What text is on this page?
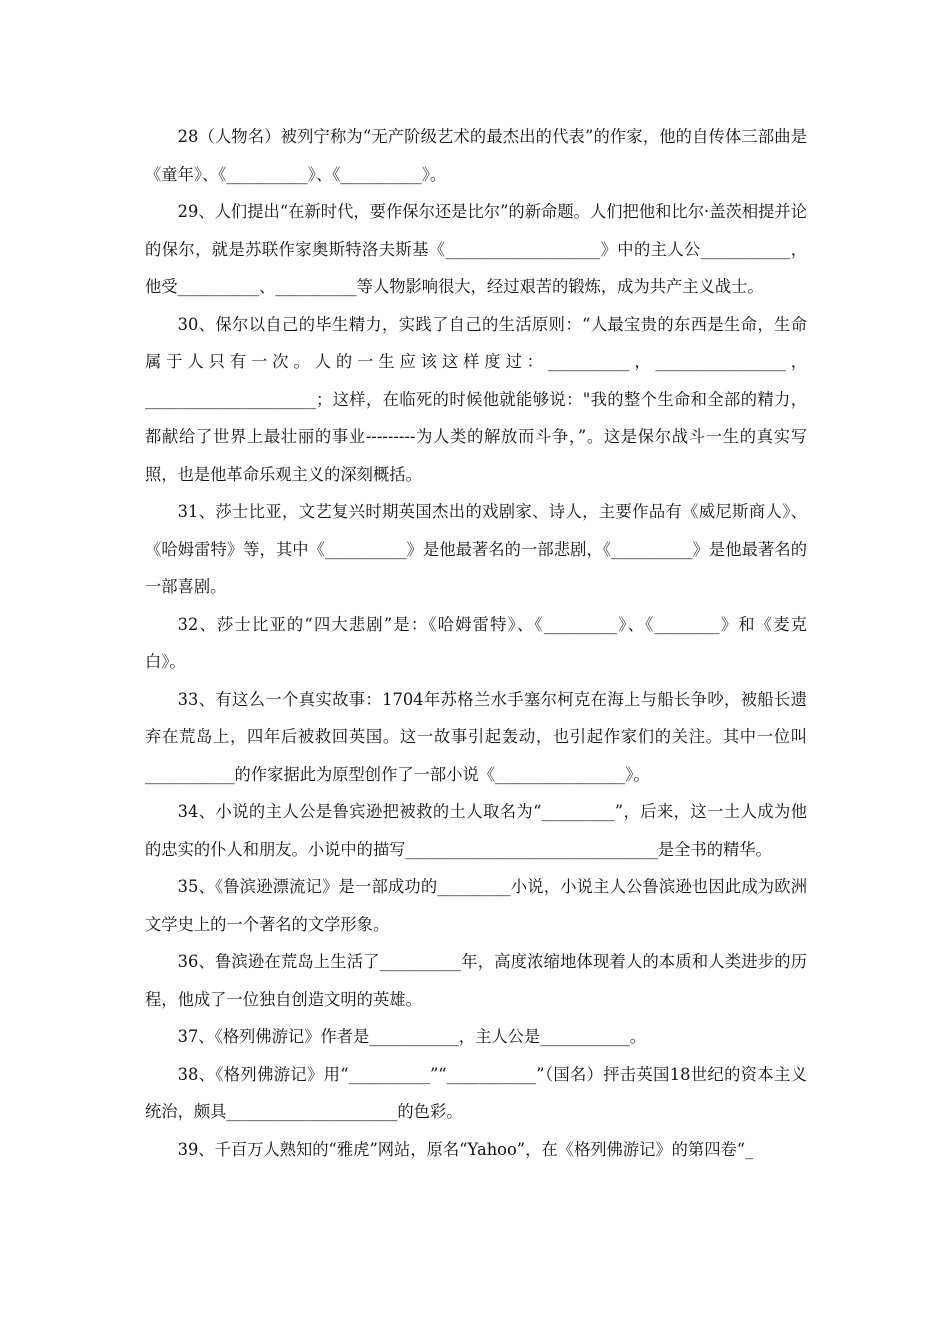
28（人物名）被列宁称为“无产阶级艺术的最杰出的代表”的作家，他的自传体三部曲是《童年》、《__________》、《__________》。

29、人们提出“在新时代，要作保尔还是比尔”的新命题。人们把他和比尔·盖茨相提并论的保尔，就是苏联作家奥斯特洛夫斯基《___________________》中的主人公___________，他受__________、__________等人物影响很大，经过艰苦的锻炼，成为共产主义战士。

30、保尔以自己的毕生精力，实践了自己的生活原则：“人最宝贵的东西是生命，生命属于人只有一次。人的一生应该这样度过：__________，________________，_____________________；这样，在临死的时候他就能够说："我的整个生命和全部的精力，都献给了世界上最壮丽的事业---------为人类的解放而斗争，”。这是保尔战斗一生的真实写照，也是他革命乐观主义的深刻概括。

31、莎士比亚，文艺复兴时期英国杰出的戏剧家、诗人，主要作品有《威尼斯商人》、《哈姆雷特》等，其中《__________》是他最著名的一部悲剧，《__________》是他最著名的一部喜剧。

32、莎士比亚的“四大悲剧”是：《哈姆雷特》、《_________》、《________》和《麦克白》。

33、有这么一个真实故事：1704年苏格兰水手塞尔柯克在海上与船长争吵，被船长遗弃在荒岛上，四年后被救回英国。这一故事引起轰动，也引起作家们的关注。其中一位叫___________的作家据此为原型创作了一部小说《________________》。

34、小说的主人公是鲁宾逊把被救的土人取名为“_________”，后来，这一土人成为他的忠实的仆人和朋友。小说中的描写_______________________________是全书的精华。

35、《鲁滨逊漂流记》是一部成功的_________小说，小说主人公鲁滨逊也因此成为欧洲文学史上的一个著名的文学形象。

36、鲁滨逊在荒岛上生活了__________年，高度浓缩地体现着人的本质和人类进步的历程，他成了一位独自创造文明的英雄。

37、《格列佛游记》作者是___________，主人公是___________。

38、《格列佛游记》用“__________”“___________”（国名）抨击英国18世纪的资本主义统治，颇具_____________________的色彩。

39、千百万人熟知的“雅虎”网站，原名“Yahoo”，在《格列佛游记》的第四卷“_
